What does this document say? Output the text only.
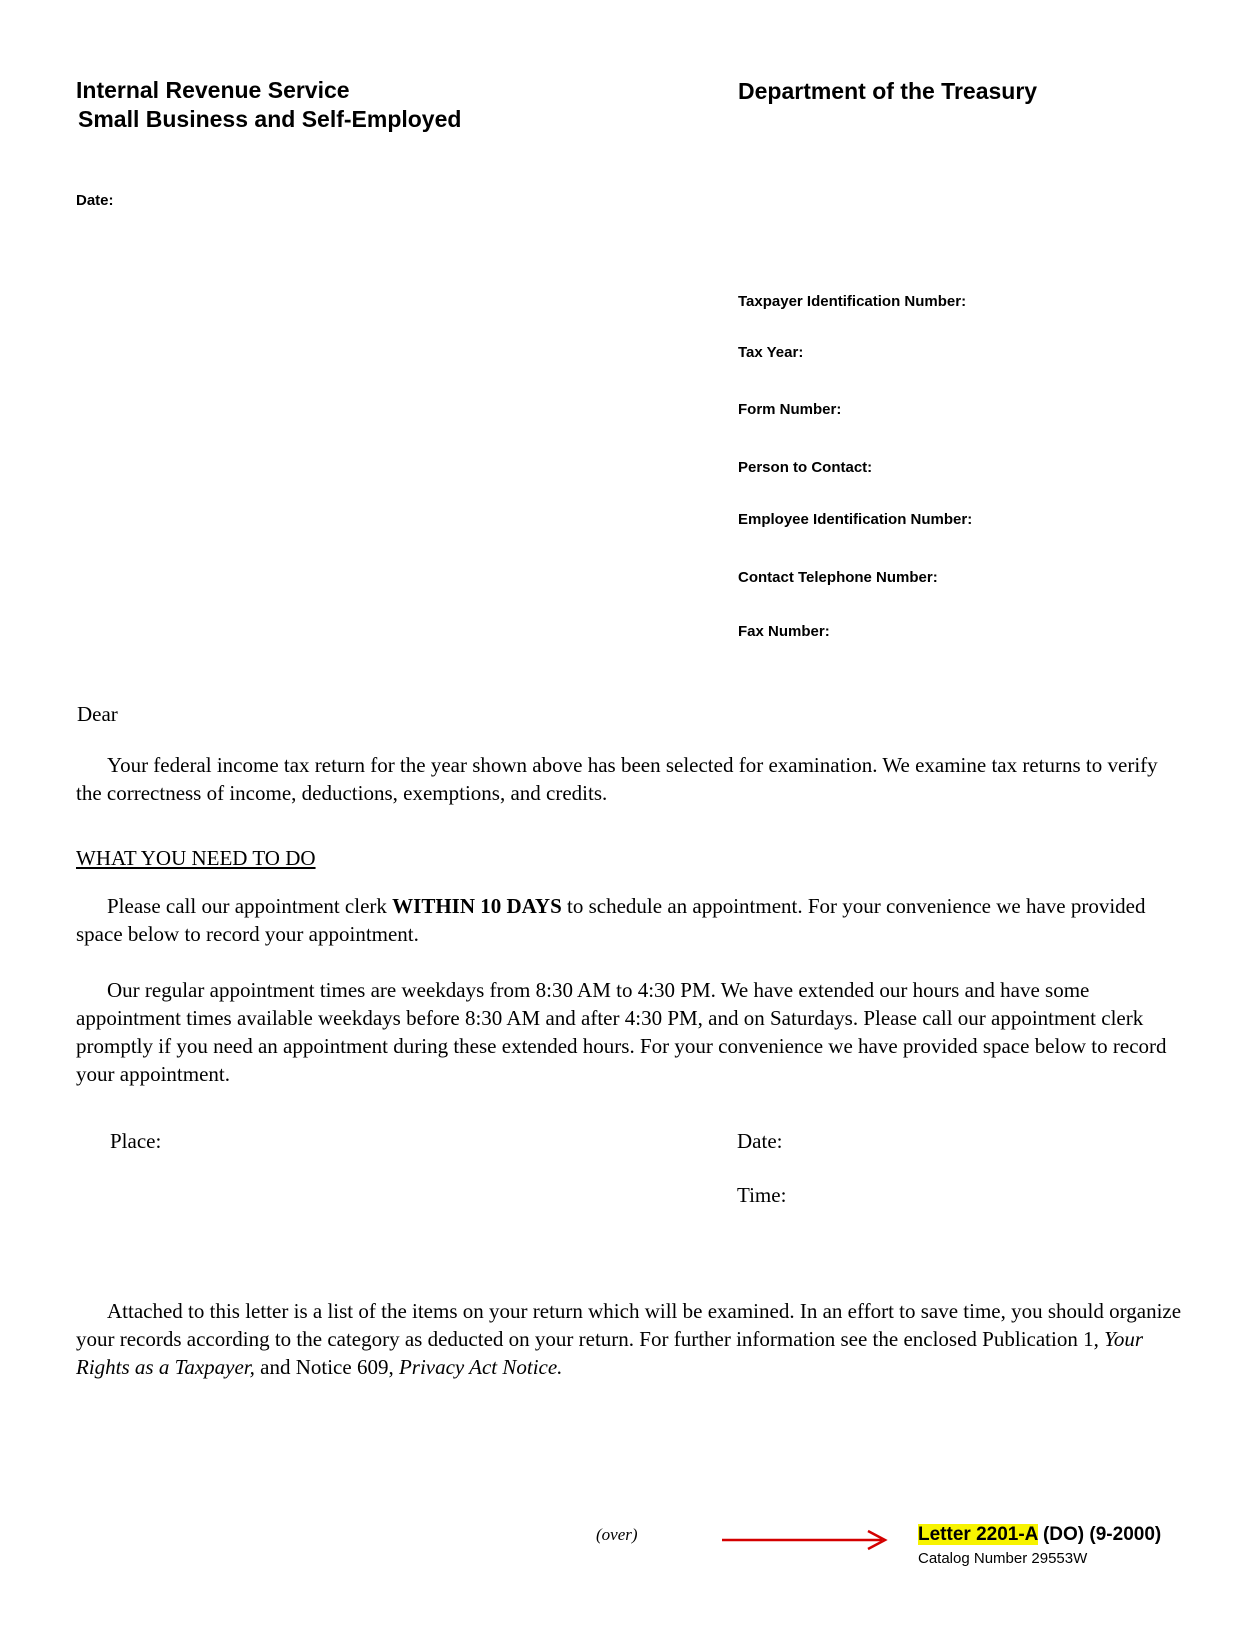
Internal Revenue Service
Small Business and Self-Employed
Department of the Treasury
Date:
Taxpayer Identification Number:
Tax Year:
Form Number:
Person to Contact:
Employee Identification Number:
Contact Telephone Number:
Fax Number:
Dear
Your federal income tax return for the year shown above has been selected for examination. We examine tax returns to verify the correctness of income, deductions, exemptions, and credits.
WHAT YOU NEED TO DO
Please call our appointment clerk WITHIN 10 DAYS to schedule an appointment. For your convenience we have provided space below to record your appointment.
Our regular appointment times are weekdays from 8:30 AM to 4:30 PM. We have extended our hours and have some appointment times available weekdays before 8:30 AM and after 4:30 PM, and on Saturdays. Please call our appointment clerk promptly if you need an appointment during these extended hours. For your convenience we have provided space below to record your appointment.
Place:	Date:
Time:
Attached to this letter is a list of the items on your return which will be examined. In an effort to save time, you should organize your records according to the category as deducted on your return. For further information see the enclosed Publication 1, Your Rights as a Taxpayer, and Notice 609, Privacy Act Notice.
(over)	Letter 2201-A (DO) (9-2000)
Catalog Number 29553W
